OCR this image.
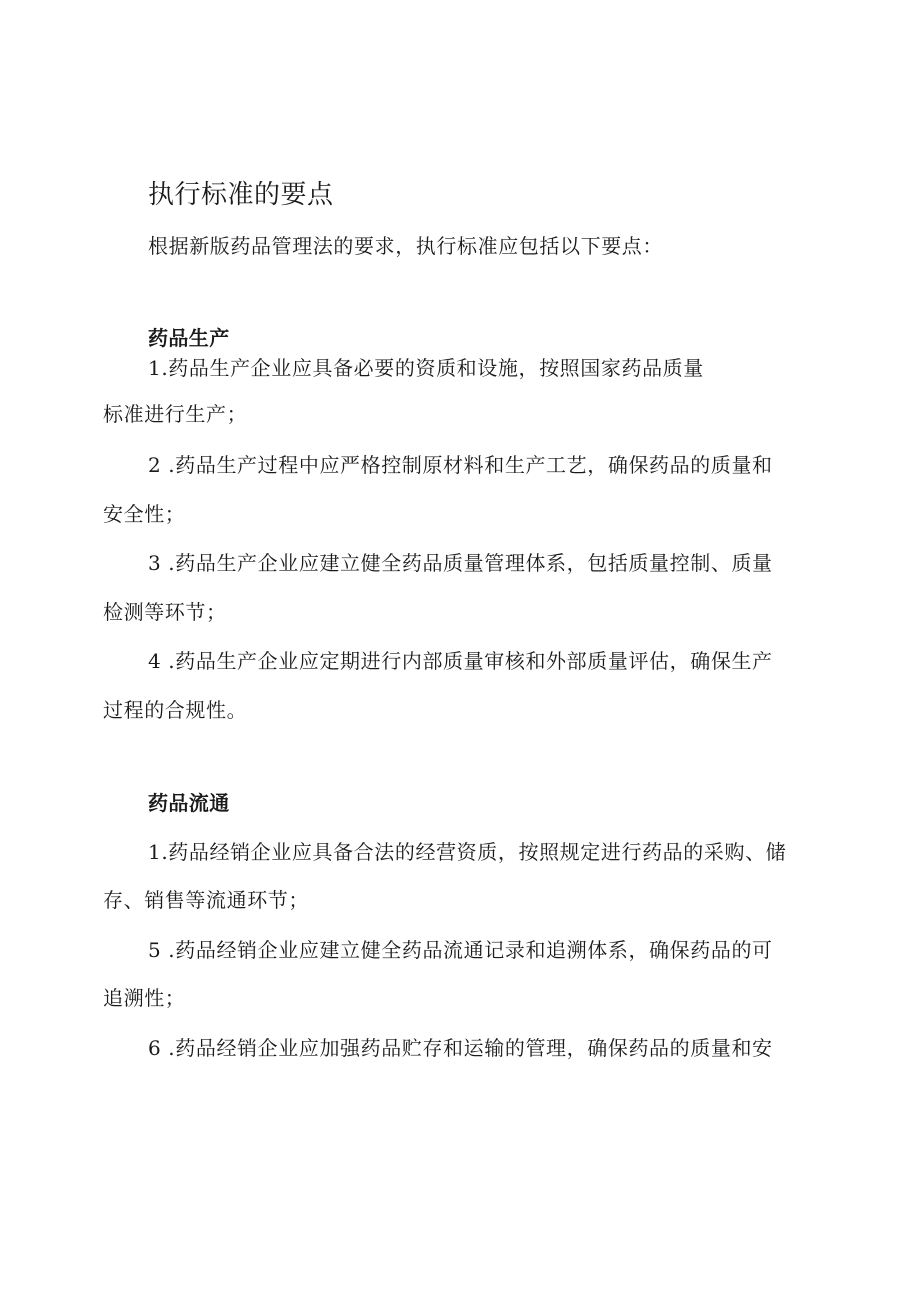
执行标准的要点
根据新版药品管理法的要求，执行标准应包括以下要点：
药品生产
1.药品生产企业应具备必要的资质和设施，按照国家药品质量
标准进行生产；
2 .药品生产过程中应严格控制原材料和生产工艺，确保药品的质量和
安全性；
3 .药品生产企业应建立健全药品质量管理体系，包括质量控制、质量
检测等环节；
4 .药品生产企业应定期进行内部质量审核和外部质量评估，确保生产
过程的合规性。
药品流通
1.药品经销企业应具备合法的经营资质，按照规定进行药品的采购、储
存、销售等流通环节；
5 .药品经销企业应建立健全药品流通记录和追溯体系，确保药品的可
追溯性；
6 .药品经销企业应加强药品贮存和运输的管理，确保药品的质量和安
